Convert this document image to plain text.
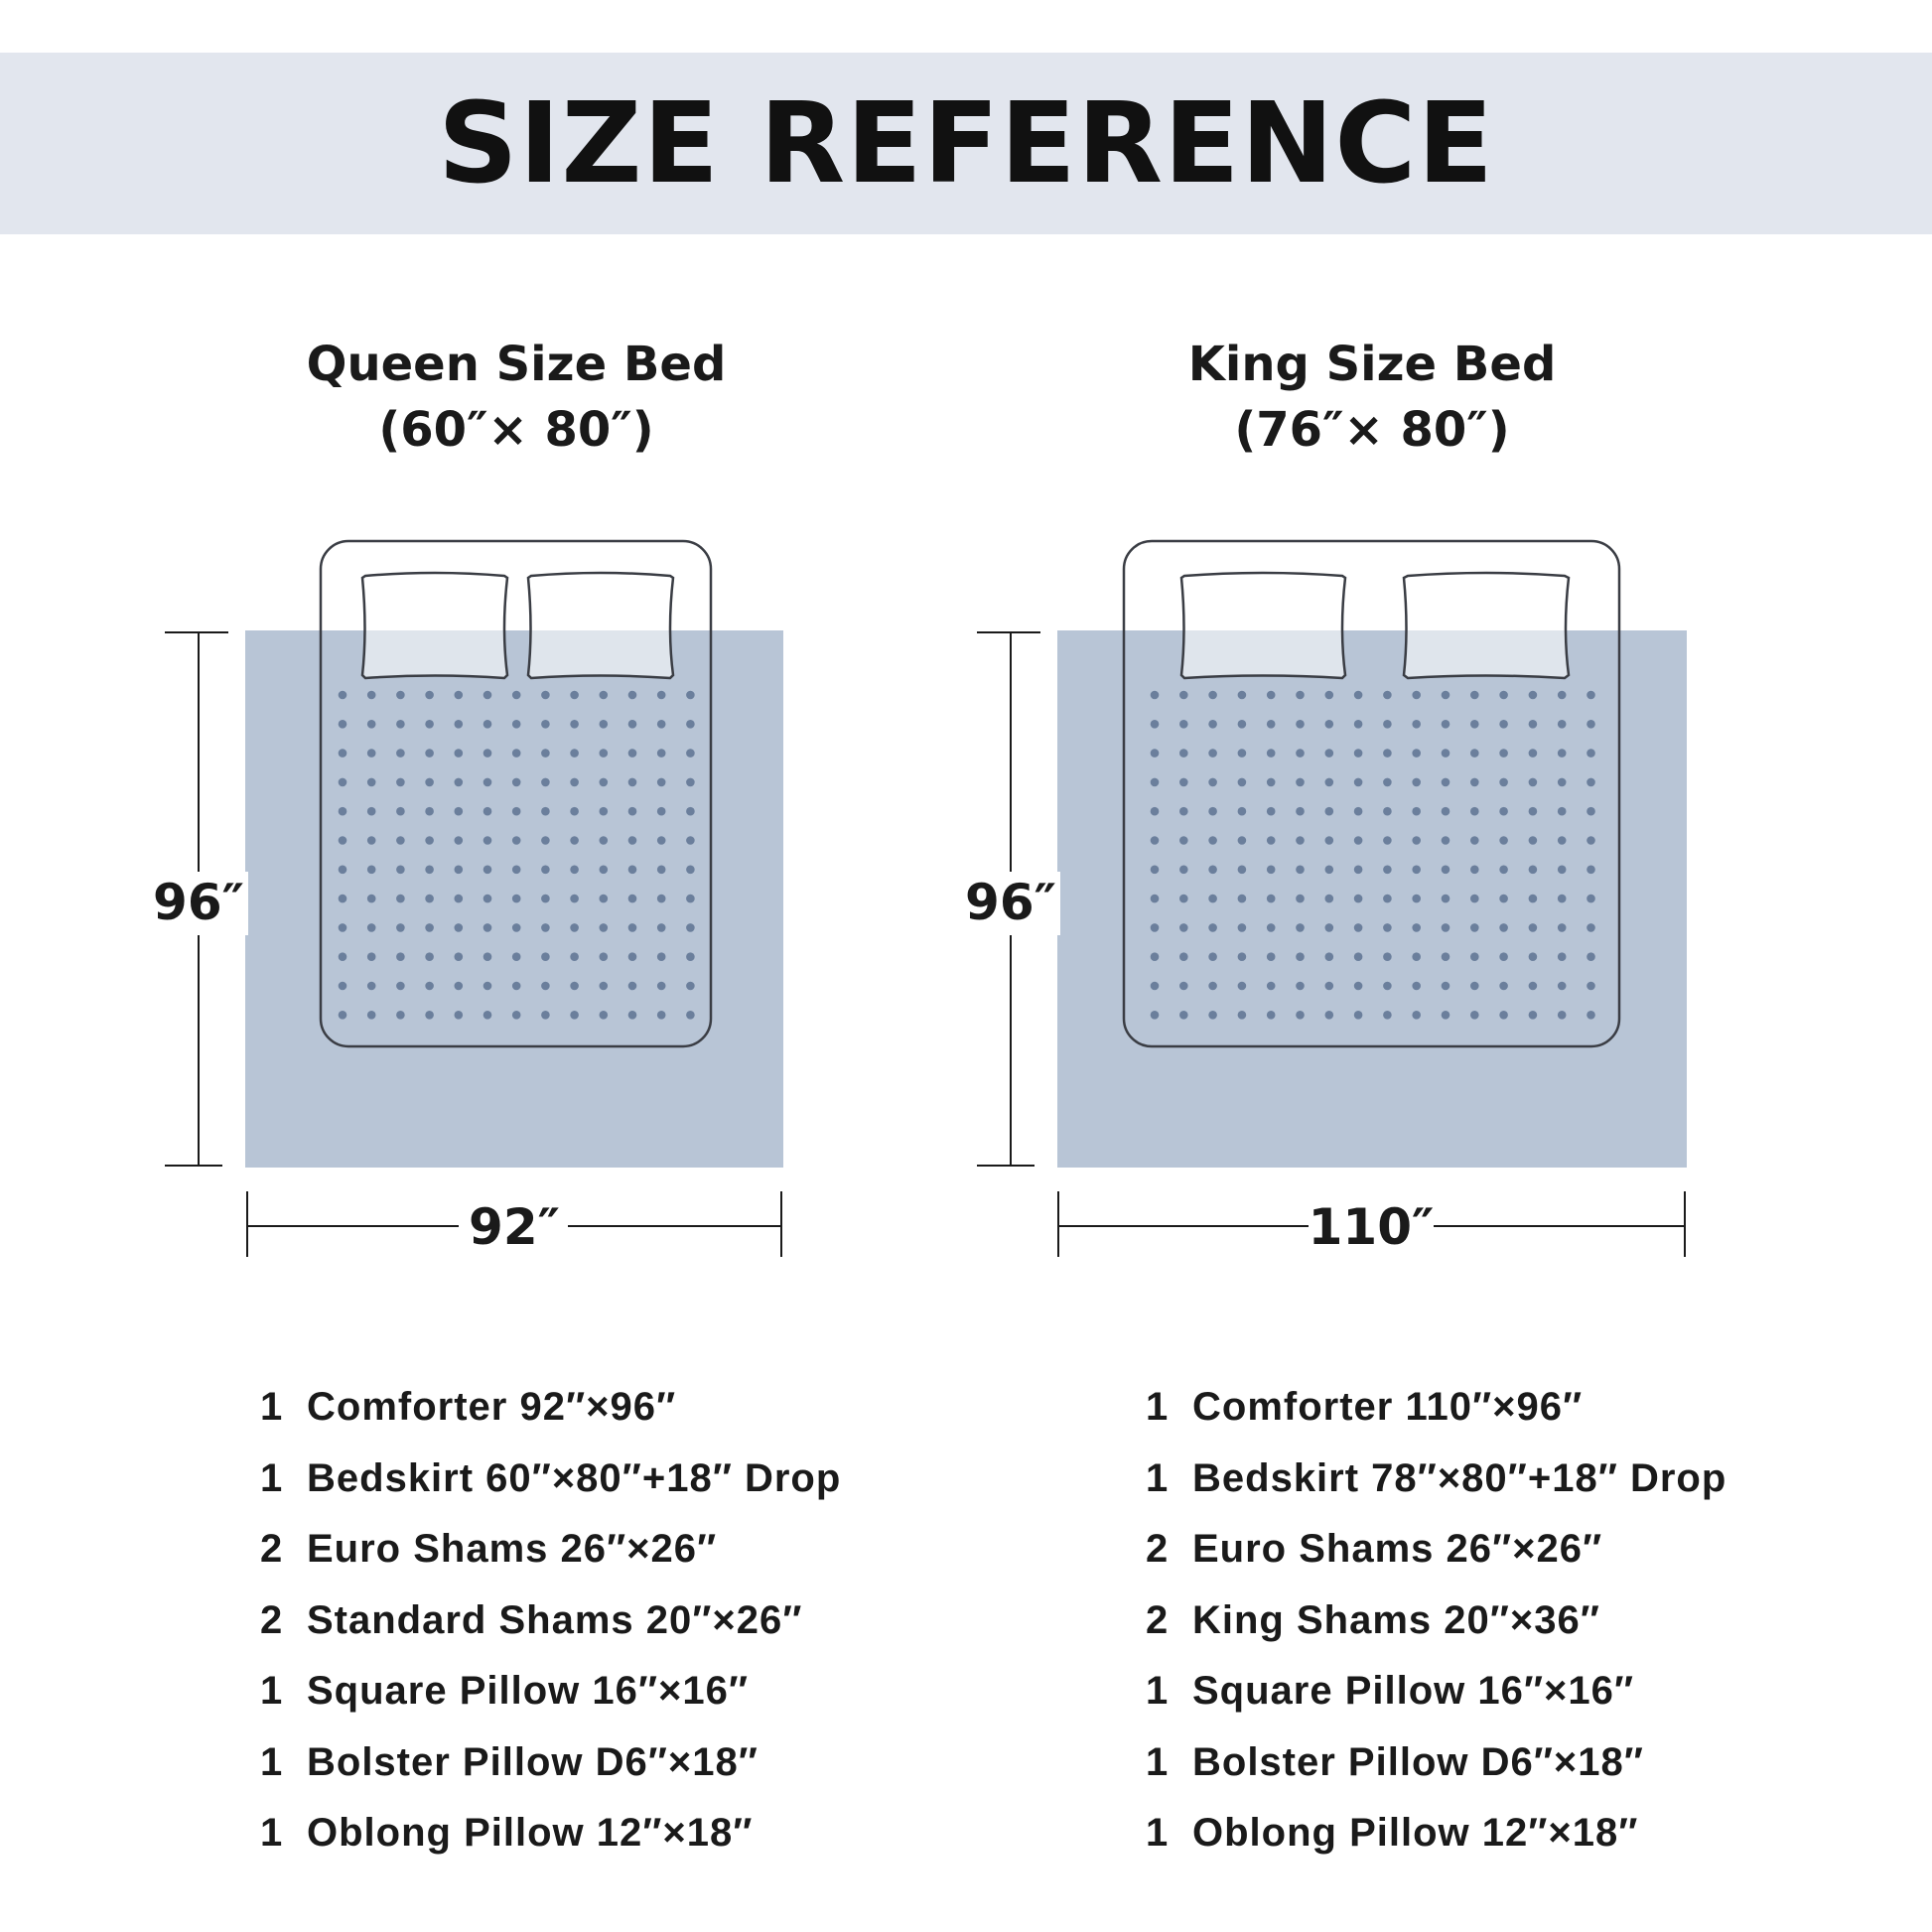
SIZE REFERENCE
Queen Size Bed
(60″× 80″)
King Size Bed
(76″× 80″)
96″
92″
96″
110″
1 Comforter 92″×96″
1 Bedskirt 60″×80″+18″ Drop
2 Euro Shams 26″×26″
2 Standard Shams 20″×26″
1 Square Pillow 16″×16″
1 Bolster Pillow D6″×18″
1 Oblong Pillow 12″×18″
1 Comforter 110″×96″
1 Bedskirt 78″×80″+18″ Drop
2 Euro Shams 26″×26″
2 King Shams 20″×36″
1 Square Pillow 16″×16″
1 Bolster Pillow D6″×18″
1 Oblong Pillow 12″×18″
